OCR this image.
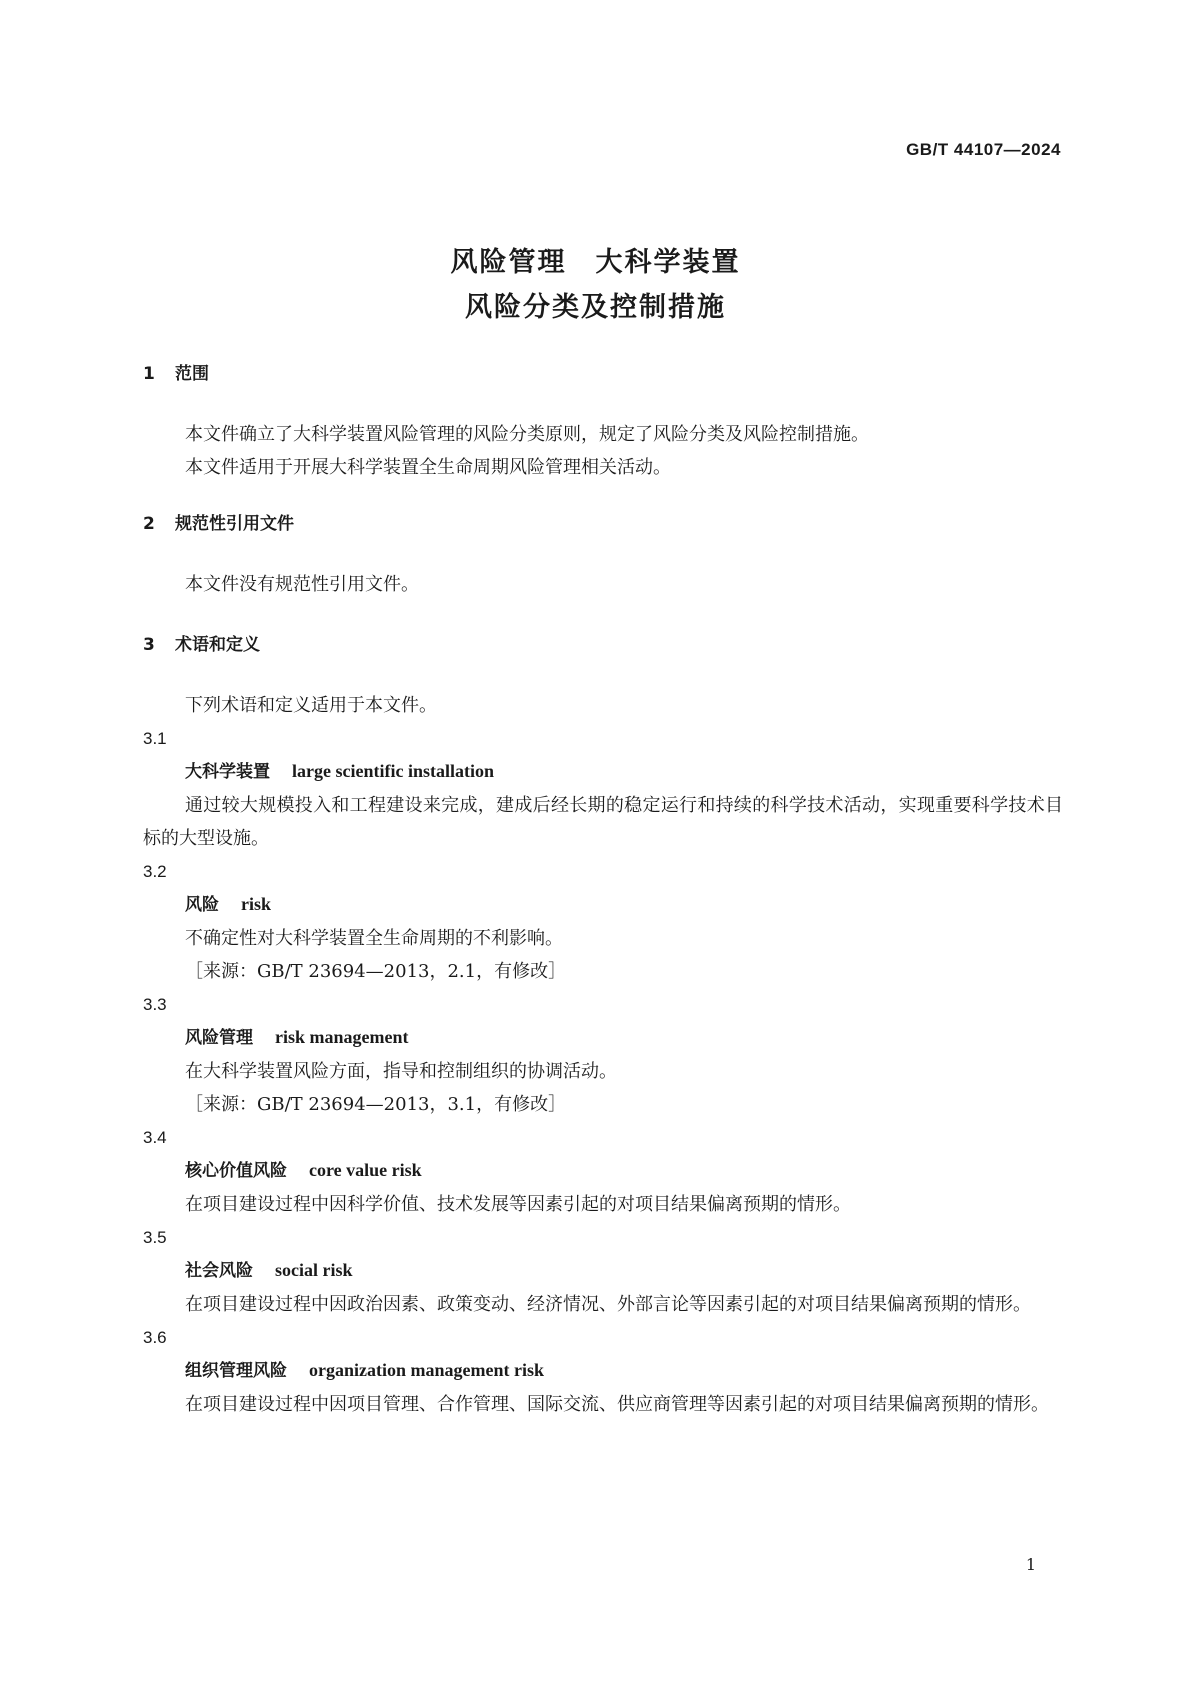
GB/T 44107—2024
风险管理　大科学装置
风险分类及控制措施
1 范围
本文件确立了大科学装置风险管理的风险分类原则，规定了风险分类及风险控制措施。
本文件适用于开展大科学装置全生命周期风险管理相关活动。
2 规范性引用文件
本文件没有规范性引用文件。
3 术语和定义
下列术语和定义适用于本文件。
3.1
大科学装置 large scientific installation
通过较大规模投入和工程建设来完成，建成后经长期的稳定运行和持续的科学技术活动，实现重要科学技术目标的大型设施。
3.2
风险 risk
不确定性对大科学装置全生命周期的不利影响。
［来源：GB/T 23694—2013，2.1，有修改］
3.3
风险管理 risk management
在大科学装置风险方面，指导和控制组织的协调活动。
［来源：GB/T 23694—2013，3.1，有修改］
3.4
核心价值风险 core value risk
在项目建设过程中因科学价值、技术发展等因素引起的对项目结果偏离预期的情形。
3.5
社会风险 social risk
在项目建设过程中因政治因素、政策变动、经济情况、外部言论等因素引起的对项目结果偏离预期的情形。
3.6
组织管理风险 organization management risk
在项目建设过程中因项目管理、合作管理、国际交流、供应商管理等因素引起的对项目结果偏离预期的情形。
1
